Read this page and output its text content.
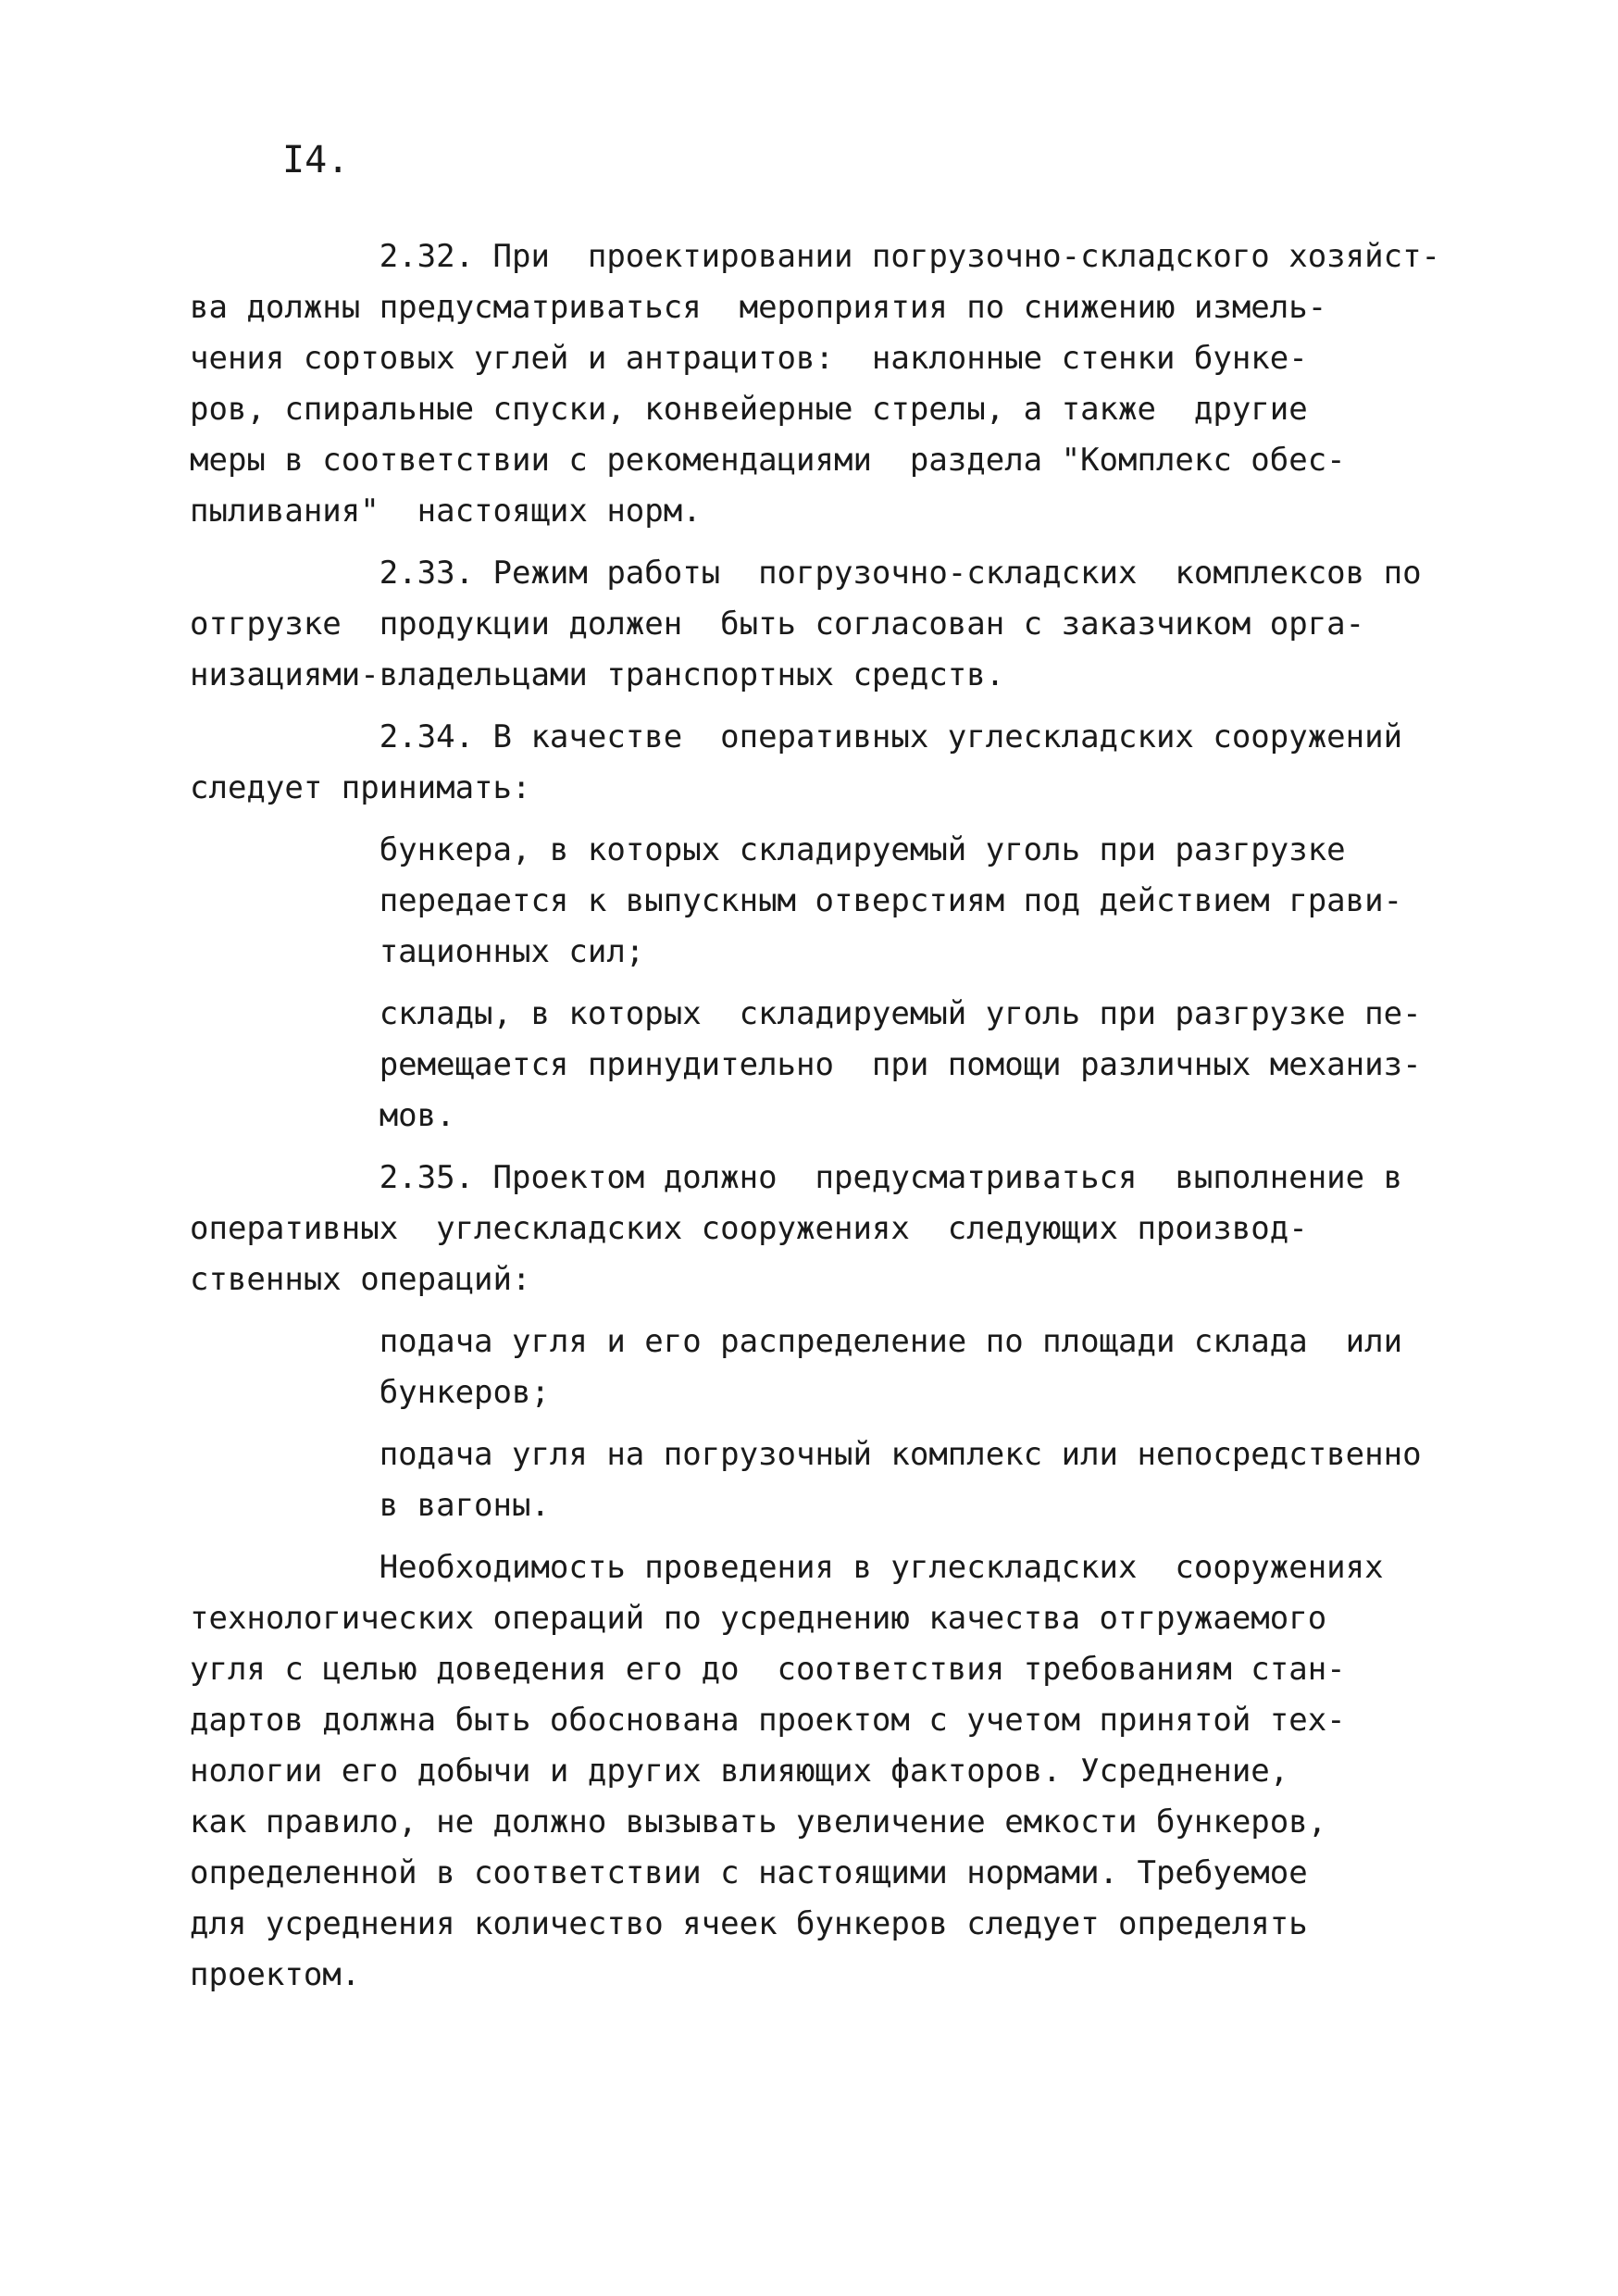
I4.
2.32. При  проектировании погрузочно-складского хозяйст-
ва должны предусматриваться  мероприятия по снижению измель-
чения сортовых углей и антрацитов:  наклонные стенки бунке-
ров, спиральные спуски, конвейерные стрелы, а также  другие
меры в соответствии с рекомендациями  раздела "Комплекс обес-
пыливания"  настоящих норм.
2.33. Режим работы  погрузочно-складских  комплексов по
отгрузке  продукции должен  быть согласован с заказчиком орга-
низациями-владельцами транспортных средств.
2.34. В качестве  оперативных углескладских сооружений
следует принимать:
бункера, в которых складируемый уголь при разгрузке
передается к выпускным отверстиям под действием грави-
тационных сил;
склады, в которых  складируемый уголь при разгрузке пе-
ремещается принудительно  при помощи различных механиз-
мов.
2.35. Проектом должно  предусматриваться  выполнение в
оперативных  углескладских сооружениях  следующих производ-
ственных операций:
подача угля и его распределение по площади склада  или
бункеров;
подача угля на погрузочный комплекс или непосредственно
в вагоны.
Необходимость проведения в углескладских  сооружениях
технологических операций по усреднению качества отгружаемого
угля с целью доведения его до  соответствия требованиям стан-
дартов должна быть обоснована проектом с учетом принятой тех-
нологии его добычи и других влияющих факторов. Усреднение,
как правило, не должно вызывать увеличение емкости бункеров,
определенной в соответствии с настоящими нормами. Требуемое
для усреднения количество ячеек бункеров следует определять
проектом.
